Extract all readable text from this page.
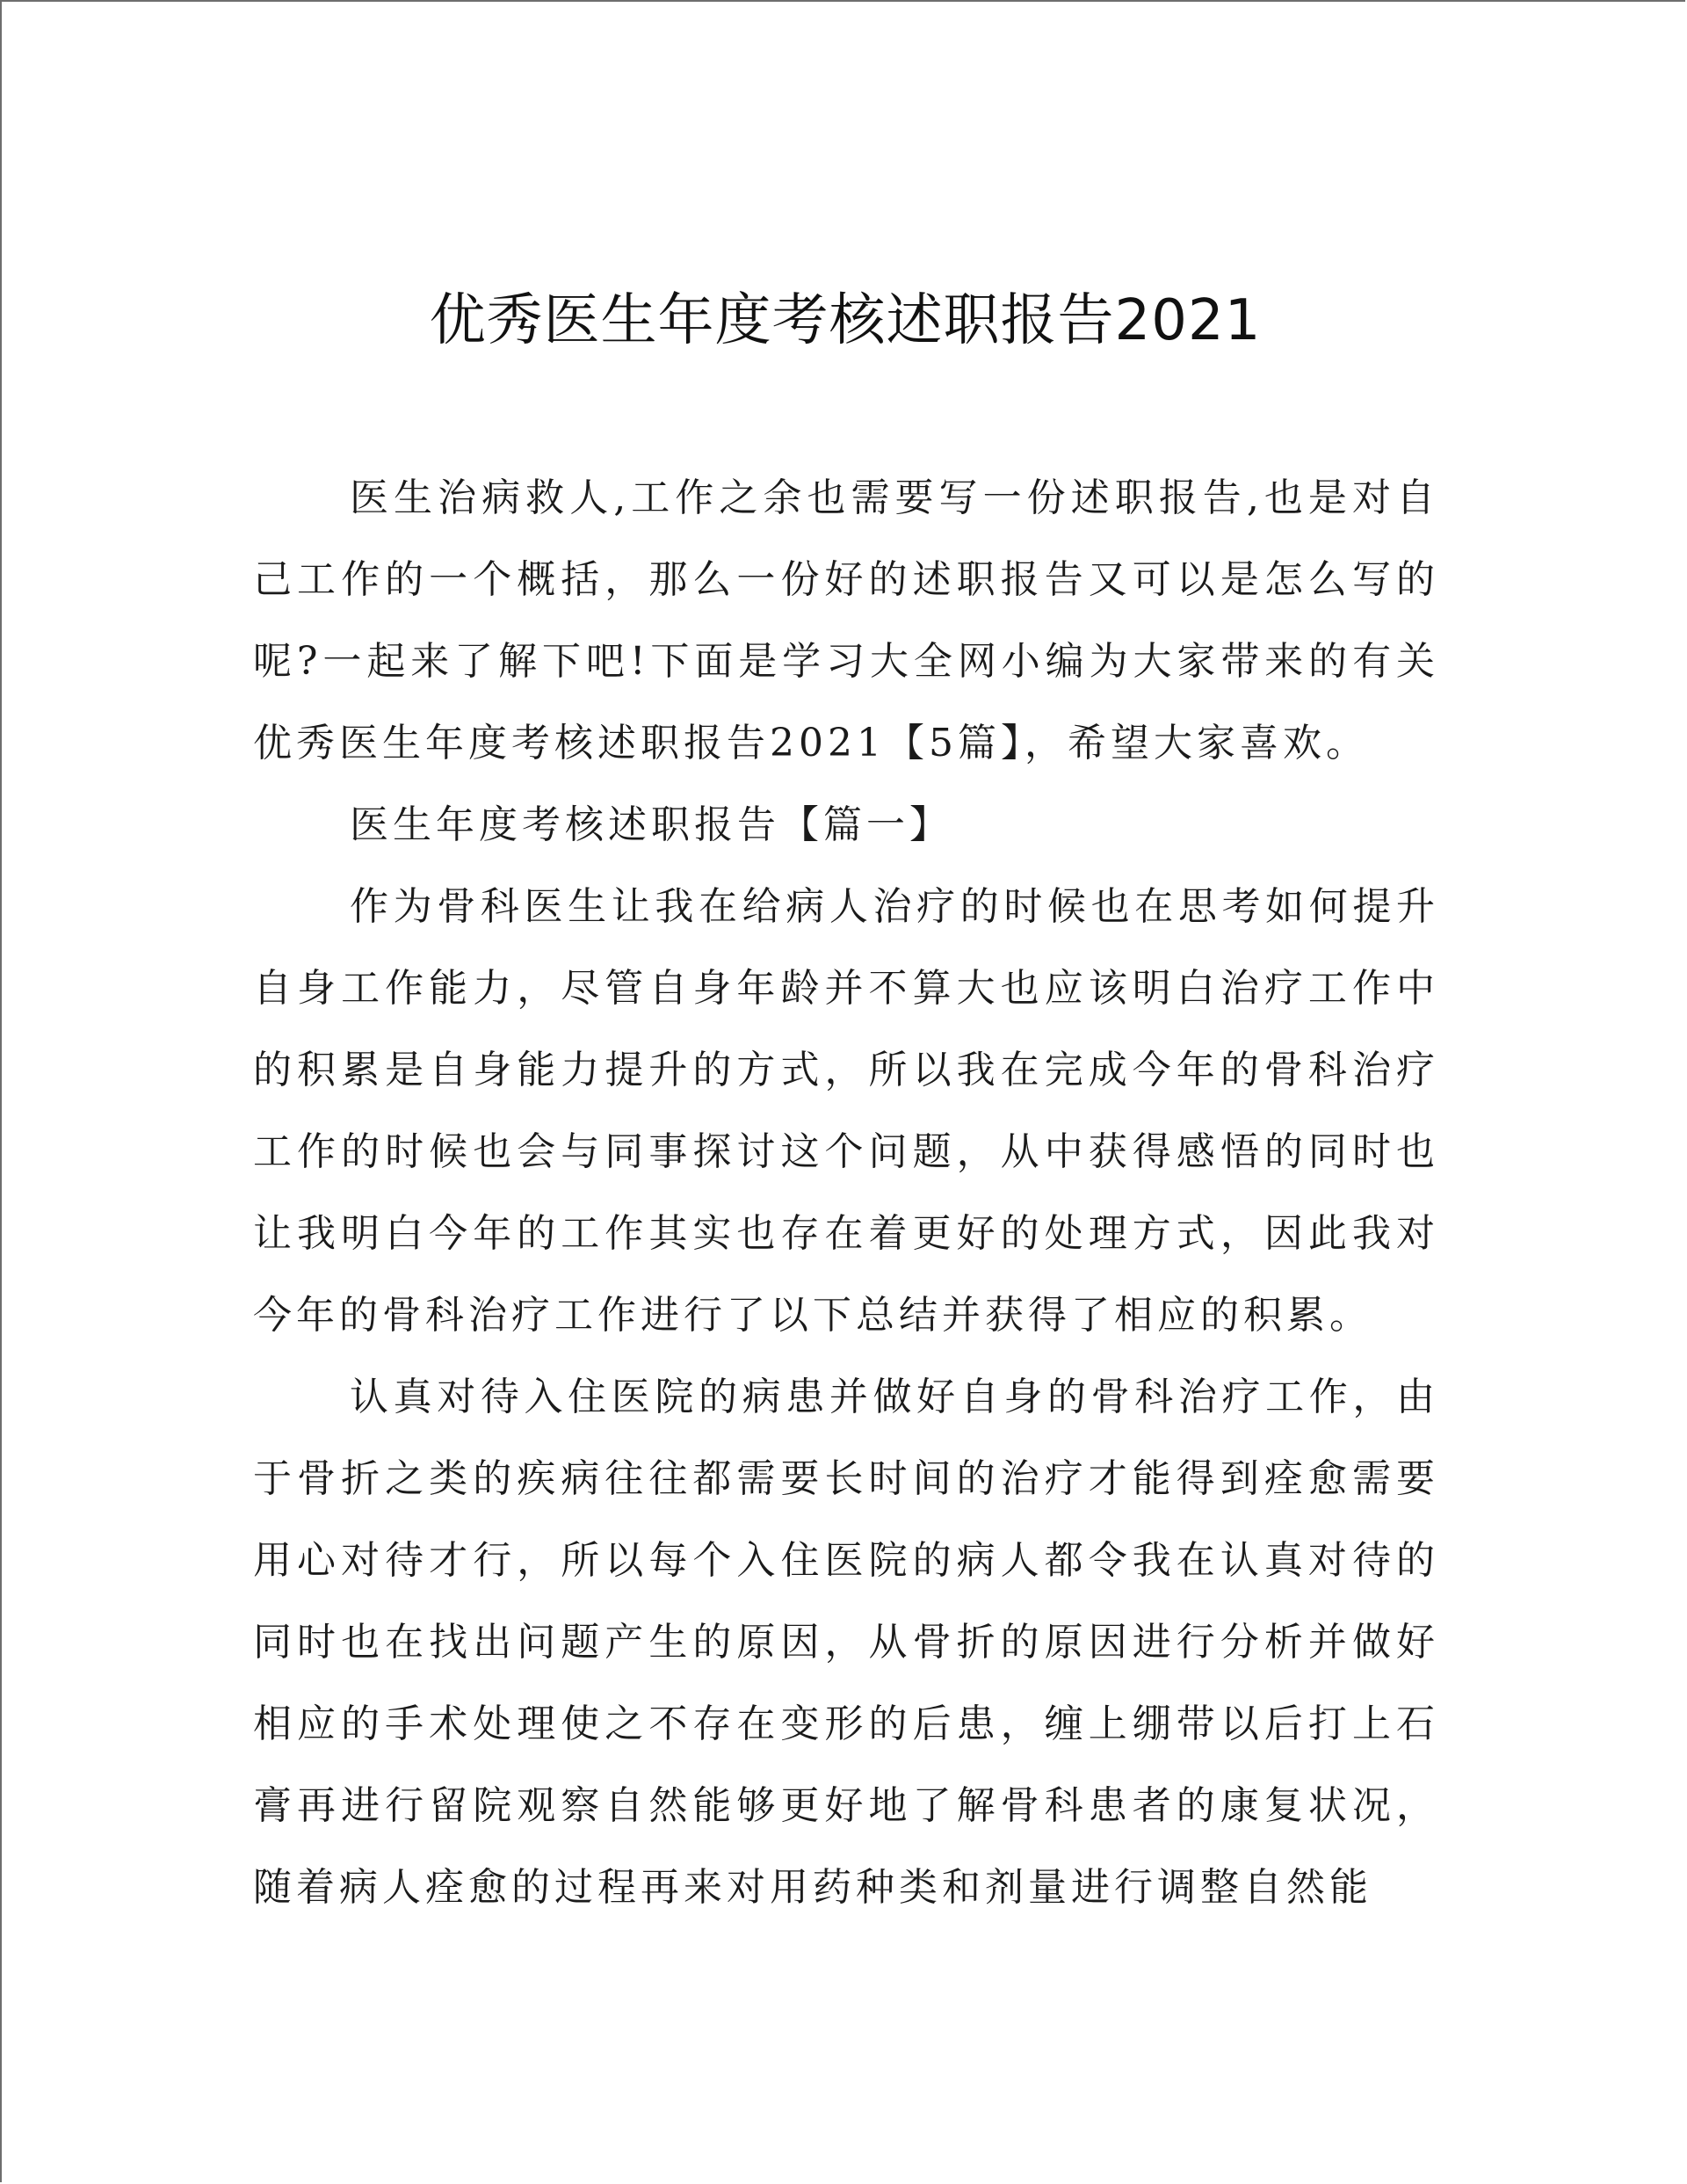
优秀医生年度考核述职报告2021

医生治病救人,工作之余也需要写一份述职报告,也是对自己工作的一个概括，那么一份好的述职报告又可以是怎么写的呢?一起来了解下吧!下面是学习大全网小编为大家带来的有关优秀医生年度考核述职报告2021【5篇】，希望大家喜欢。

医生年度考核述职报告【篇一】

作为骨科医生让我在给病人治疗的时候也在思考如何提升自身工作能力，尽管自身年龄并不算大也应该明白治疗工作中的积累是自身能力提升的方式，所以我在完成今年的骨科治疗工作的时候也会与同事探讨这个问题，从中获得感悟的同时也让我明白今年的工作其实也存在着更好的处理方式，因此我对今年的骨科治疗工作进行了以下总结并获得了相应的积累。

认真对待入住医院的病患并做好自身的骨科治疗工作，由于骨折之类的疾病往往都需要长时间的治疗才能得到痊愈需要用心对待才行，所以每个入住医院的病人都令我在认真对待的同时也在找出问题产生的原因，从骨折的原因进行分析并做好相应的手术处理使之不存在变形的后患，缠上绷带以后打上石膏再进行留院观察自然能够更好地了解骨科患者的康复状况，随着病人痊愈的过程再来对用药种类和剂量进行调整自然能
